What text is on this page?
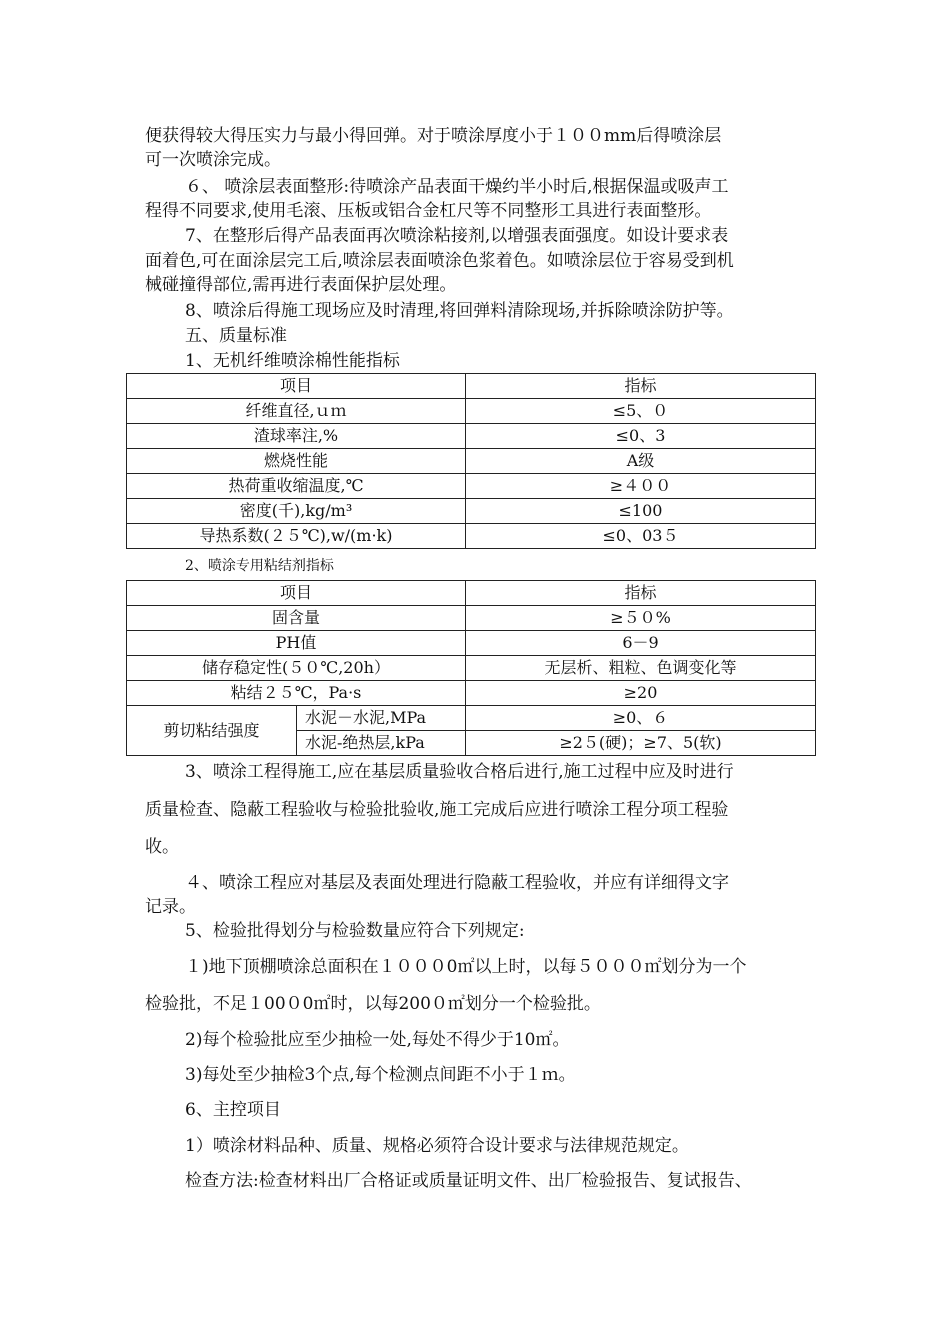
便获得较大得压实力与最小得回弹。对于喷涂厚度小于１００mm后得喷涂层
可一次喷涂完成。
６、 喷涂层表面整形:待喷涂产品表面干燥约半小时后,根据保温或吸声工
程得不同要求,使用毛滚、压板或铝合金杠尺等不同整形工具进行表面整形。
7、在整形后得产品表面再次喷涂粘接剂,以增强表面强度。如设计要求表
面着色,可在面涂层完工后,喷涂层表面喷涂色浆着色。如喷涂层位于容易受到机
械碰撞得部位,需再进行表面保护层处理。
8、喷涂后得施工现场应及时清理,将回弹料清除现场,并拆除喷涂防护等。
五、质量标准
1、无机纤维喷涂棉性能指标
项目	指标
纤维直径,ｕｍ	≤5、０
渣球率注,%	≤0、3
燃烧性能	A级
热荷重收缩温度,℃	≥４００
密度(千),kg/m³	≤100
导热系数(２５℃),w/(m·k)	≤0、03５
2、喷涂专用粘结剂指标
项目		指标
固含量		≥５０%
PH值		6－9
储存稳定性(５０℃,20h）		无层析、粗粒、色调变化等
粘结２５℃，Pa·s		≥20
剪切粘结强度	水泥－水泥,MPa	≥0、６
	水泥-绝热层,kPa	≥2５(硬)；≥7、5(软)
3、喷涂工程得施工,应在基层质量验收合格后进行,施工过程中应及时进行
质量检查、隐蔽工程验收与检验批验收,施工完成后应进行喷涂工程分项工程验
收。
４、喷涂工程应对基层及表面处理进行隐蔽工程验收，并应有详细得文字
记录。
5、检验批得划分与检验数量应符合下列规定:
１)地下顶棚喷涂总面积在１０００0㎡以上时，以每５０００㎡划分为一个
检验批，不足１00０0㎡时，以每200０㎡划分一个检验批。
2)每个检验批应至少抽检一处,每处不得少于10㎡。
3)每处至少抽检3个点,每个检测点间距不小于１ｍ。
6、主控项目
1）喷涂材料品种、质量、规格必须符合设计要求与法律规范规定。
检查方法:检查材料出厂合格证或质量证明文件、出厂检验报告、复试报告、
